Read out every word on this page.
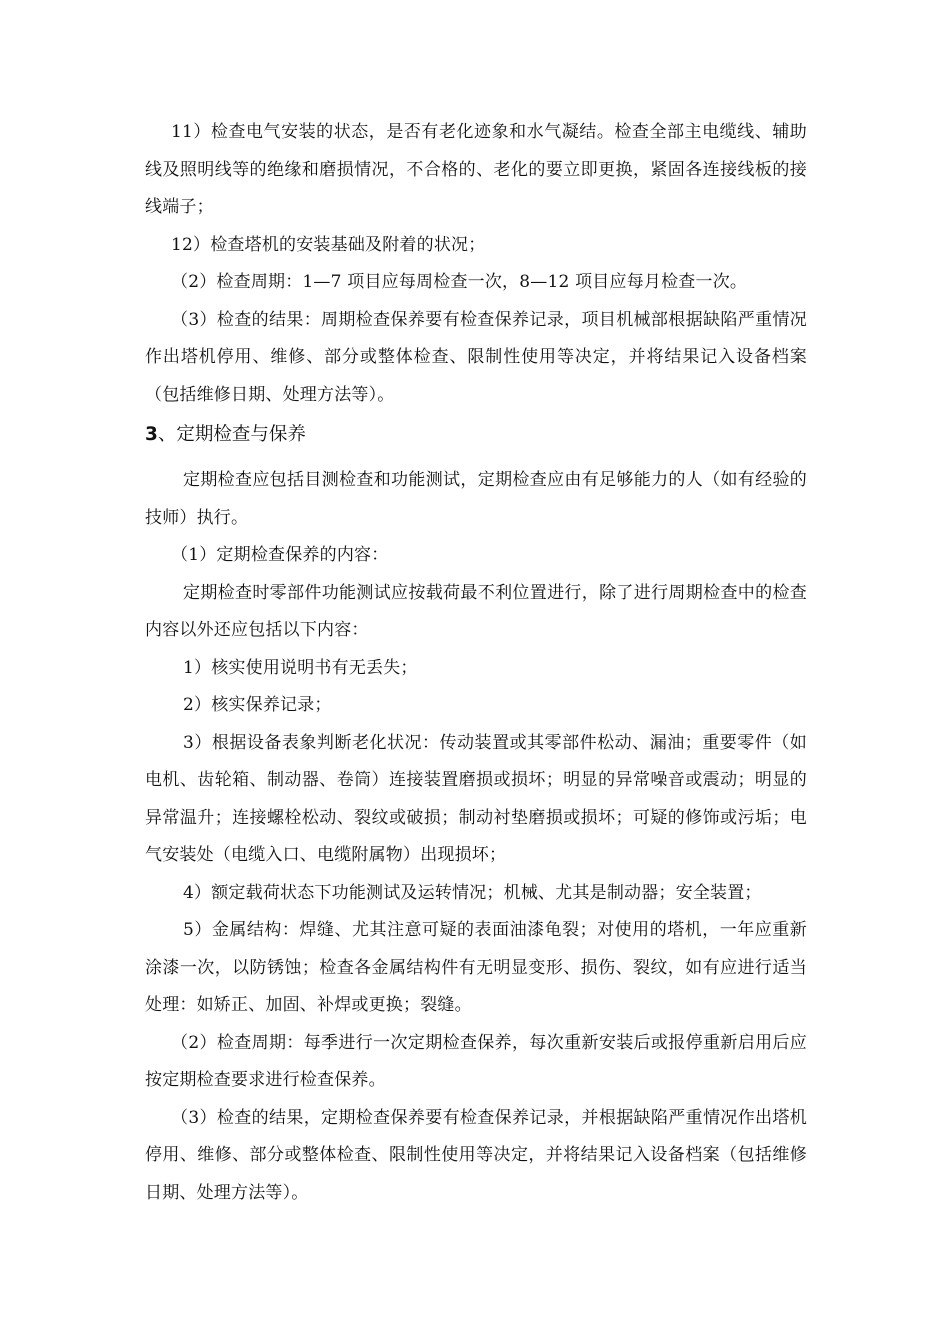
11）检查电气安装的状态，是否有老化迹象和水气凝结。检查全部主电缆线、辅助线及照明线等的绝缘和磨损情况，不合格的、老化的要立即更换，紧固各连接线板的接线端子；

12）检查塔机的安装基础及附着的状况；

（2）检查周期：1—7 项目应每周检查一次，8—12 项目应每月检查一次。

（3）检查的结果：周期检查保养要有检查保养记录，项目机械部根据缺陷严重情况作出塔机停用、维修、部分或整体检查、限制性使用等决定，并将结果记入设备档案（包括维修日期、处理方法等）。

3、定期检查与保养

定期检查应包括目测检查和功能测试，定期检查应由有足够能力的人（如有经验的技师）执行。

（1）定期检查保养的内容：

定期检查时零部件功能测试应按载荷最不利位置进行，除了进行周期检查中的检查内容以外还应包括以下内容：

1）核实使用说明书有无丢失；

2）核实保养记录；

3）根据设备表象判断老化状况：传动装置或其零部件松动、漏油；重要零件（如电机、齿轮箱、制动器、卷筒）连接装置磨损或损坏；明显的异常噪音或震动；明显的异常温升；连接螺栓松动、裂纹或破损；制动衬垫磨损或损坏；可疑的修饰或污垢；电气安装处（电缆入口、电缆附属物）出现损坏；

4）额定载荷状态下功能测试及运转情况；机械、尤其是制动器；安全装置；

5）金属结构：焊缝、尤其注意可疑的表面油漆龟裂；对使用的塔机，一年应重新涂漆一次，以防锈蚀；检查各金属结构件有无明显变形、损伤、裂纹，如有应进行适当处理：如矫正、加固、补焊或更换；裂缝。

（2）检查周期：每季进行一次定期检查保养，每次重新安装后或报停重新启用后应按定期检查要求进行检查保养。

（3）检查的结果，定期检查保养要有检查保养记录，并根据缺陷严重情况作出塔机停用、维修、部分或整体检查、限制性使用等决定，并将结果记入设备档案（包括维修日期、处理方法等）。
